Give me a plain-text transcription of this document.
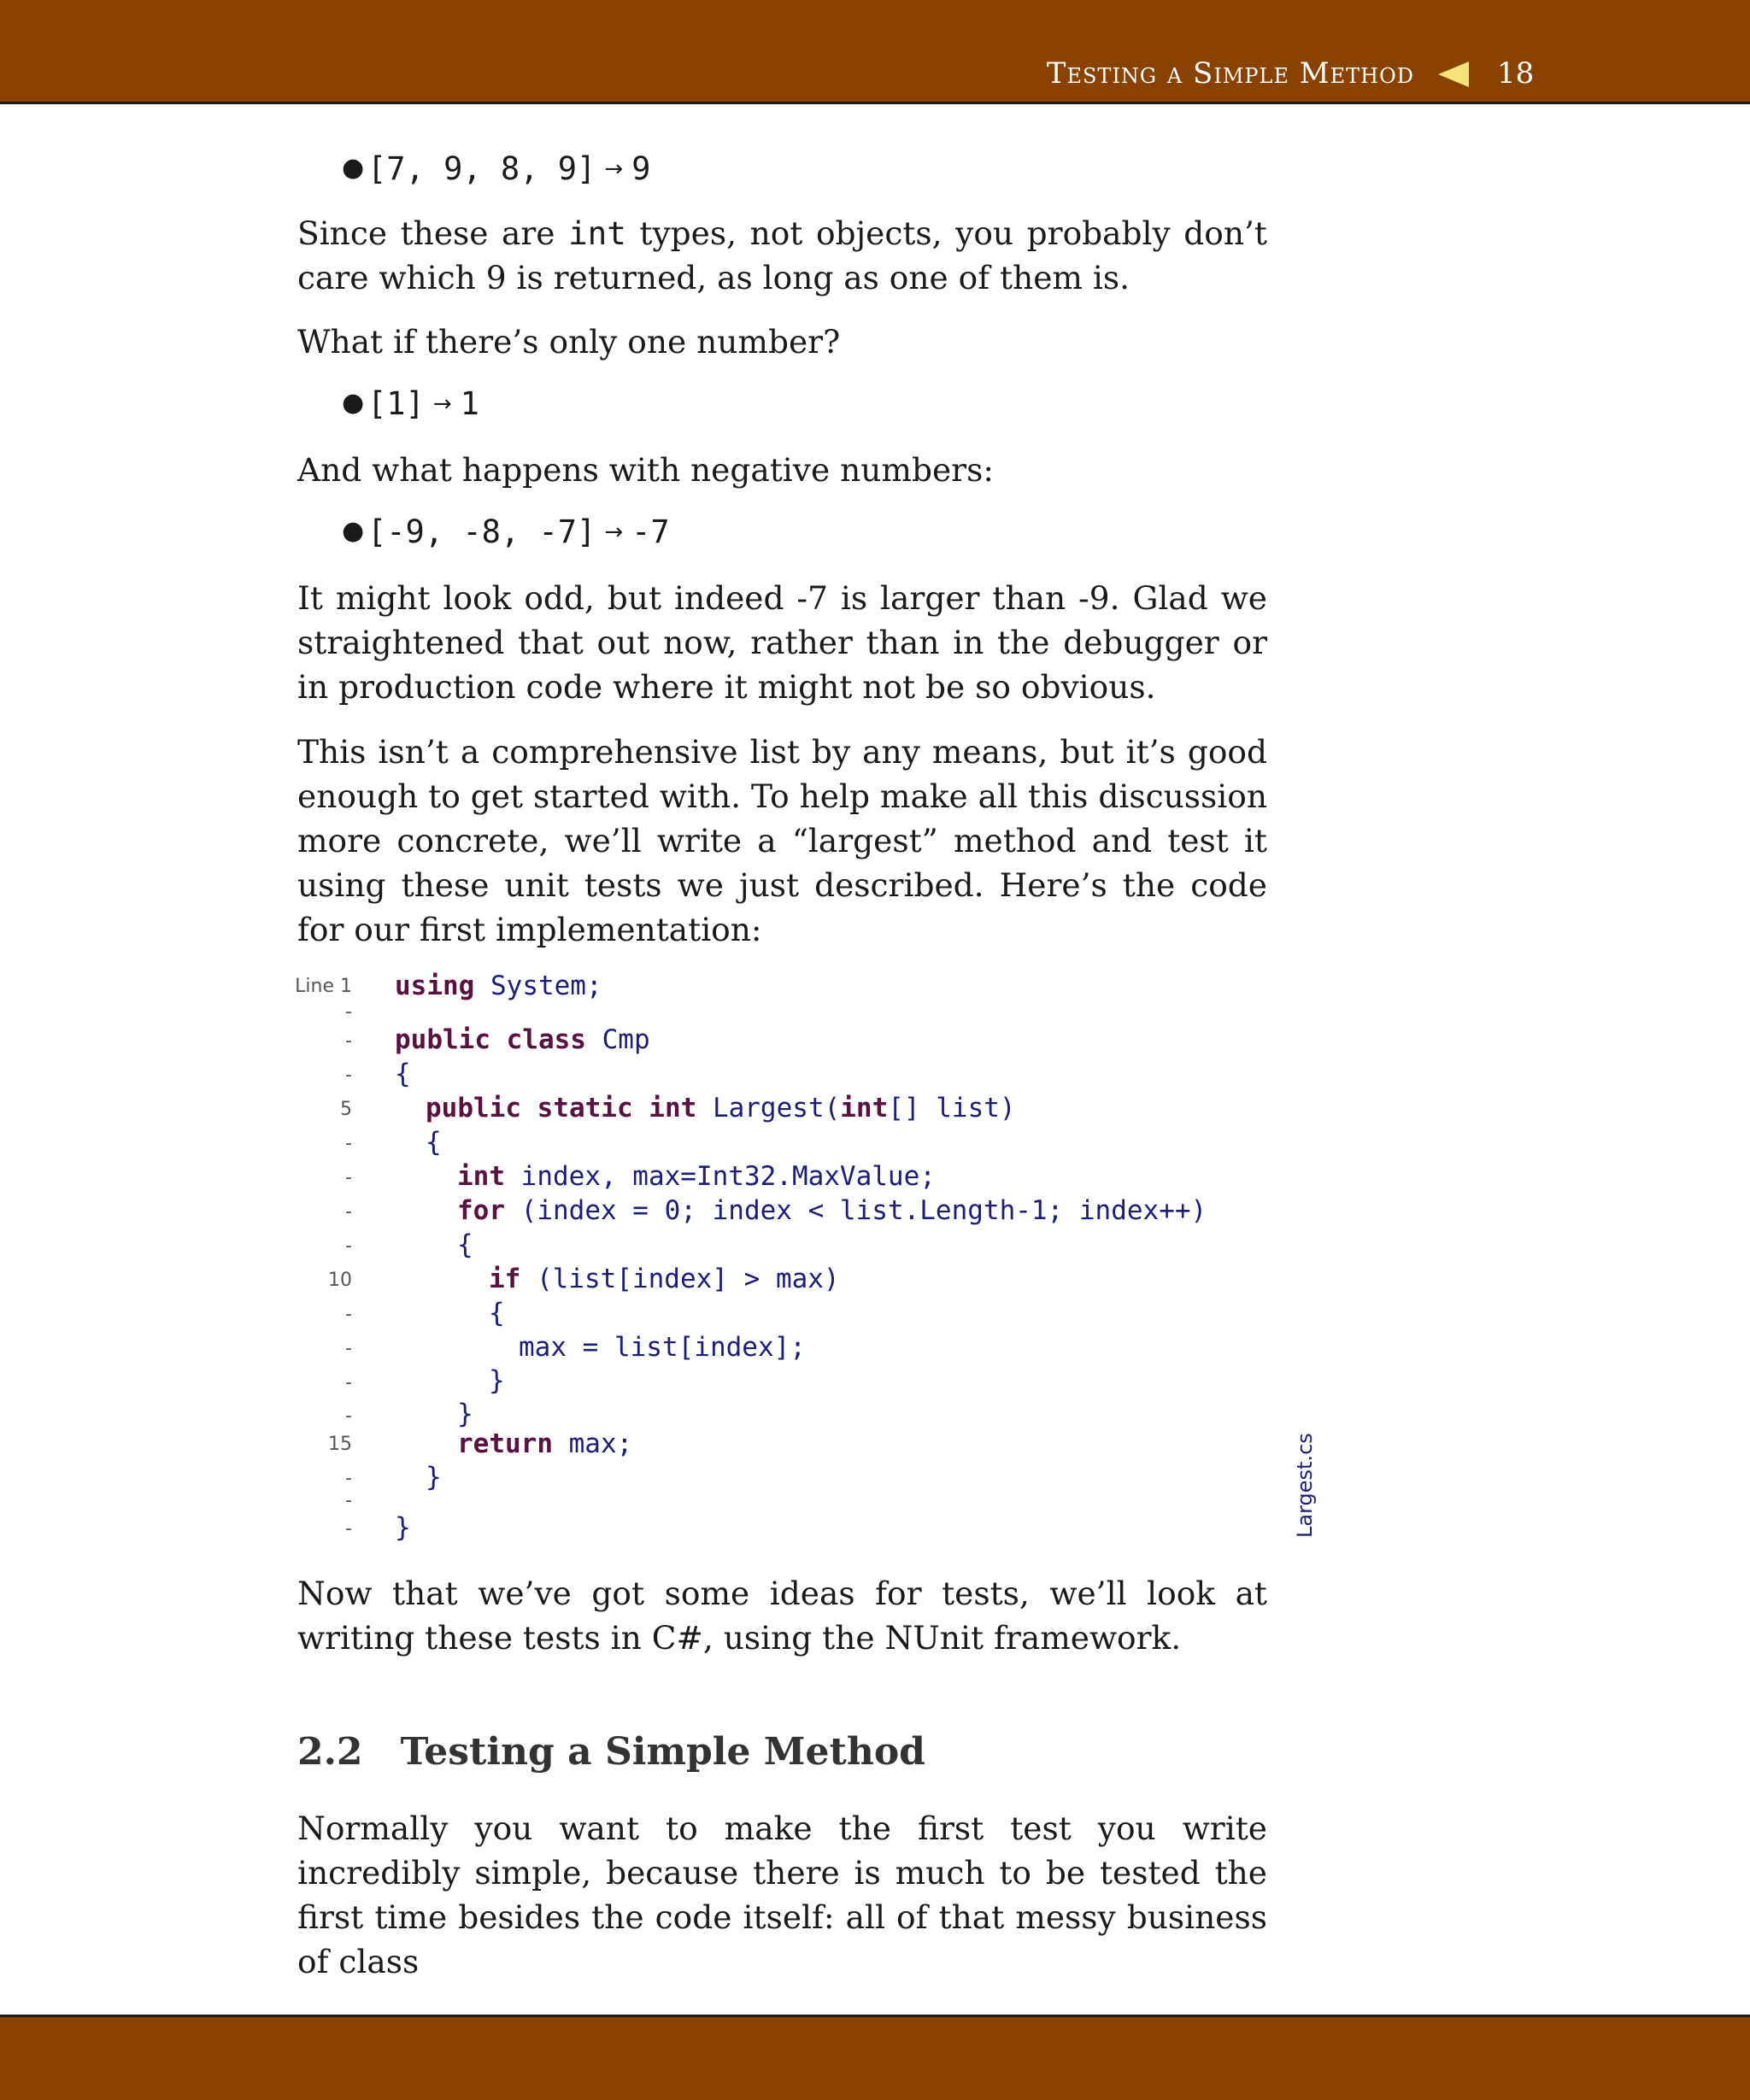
Testing a Simple Method	18
● [7, 9, 8, 9] → 9

Since these are int types, not objects, you probably don’t care which 9 is returned, as long as one of them is.

What if there’s only one number?

● [1] → 1

And what happens with negative numbers:

● [-9, -8, -7] → -7

It might look odd, but indeed -7 is larger than -9. Glad we straightened that out now, rather than in the debugger or in production code where it might not be so obvious.

This isn’t a comprehensive list by any means, but it’s good enough to get started with. To help make all this discussion more concrete, we’ll write a “largest” method and test it using these unit tests we just described. Here’s the code for our first implementation:

Line 1
-
-
-
5
-
-
-
-
10
-
-
-
-
15
-
-
-
using System;
public class Cmp
{
public static int Largest(int[] list)
{
int index, max=Int32.MaxValue;
for (index = 0; index < list.Length-1; index++)
{
if (list[index] > max)
{
max = list[index];
}
}
return max;
}
}	Largest.cs

Now that we’ve got some ideas for tests, we’ll look at writing these tests in C#, using the NUnit framework.

2.2 Testing a Simple Method

Normally you want to make the first test you write incredibly simple, because there is much to be tested the first time besides the code itself: all of that messy business of class
